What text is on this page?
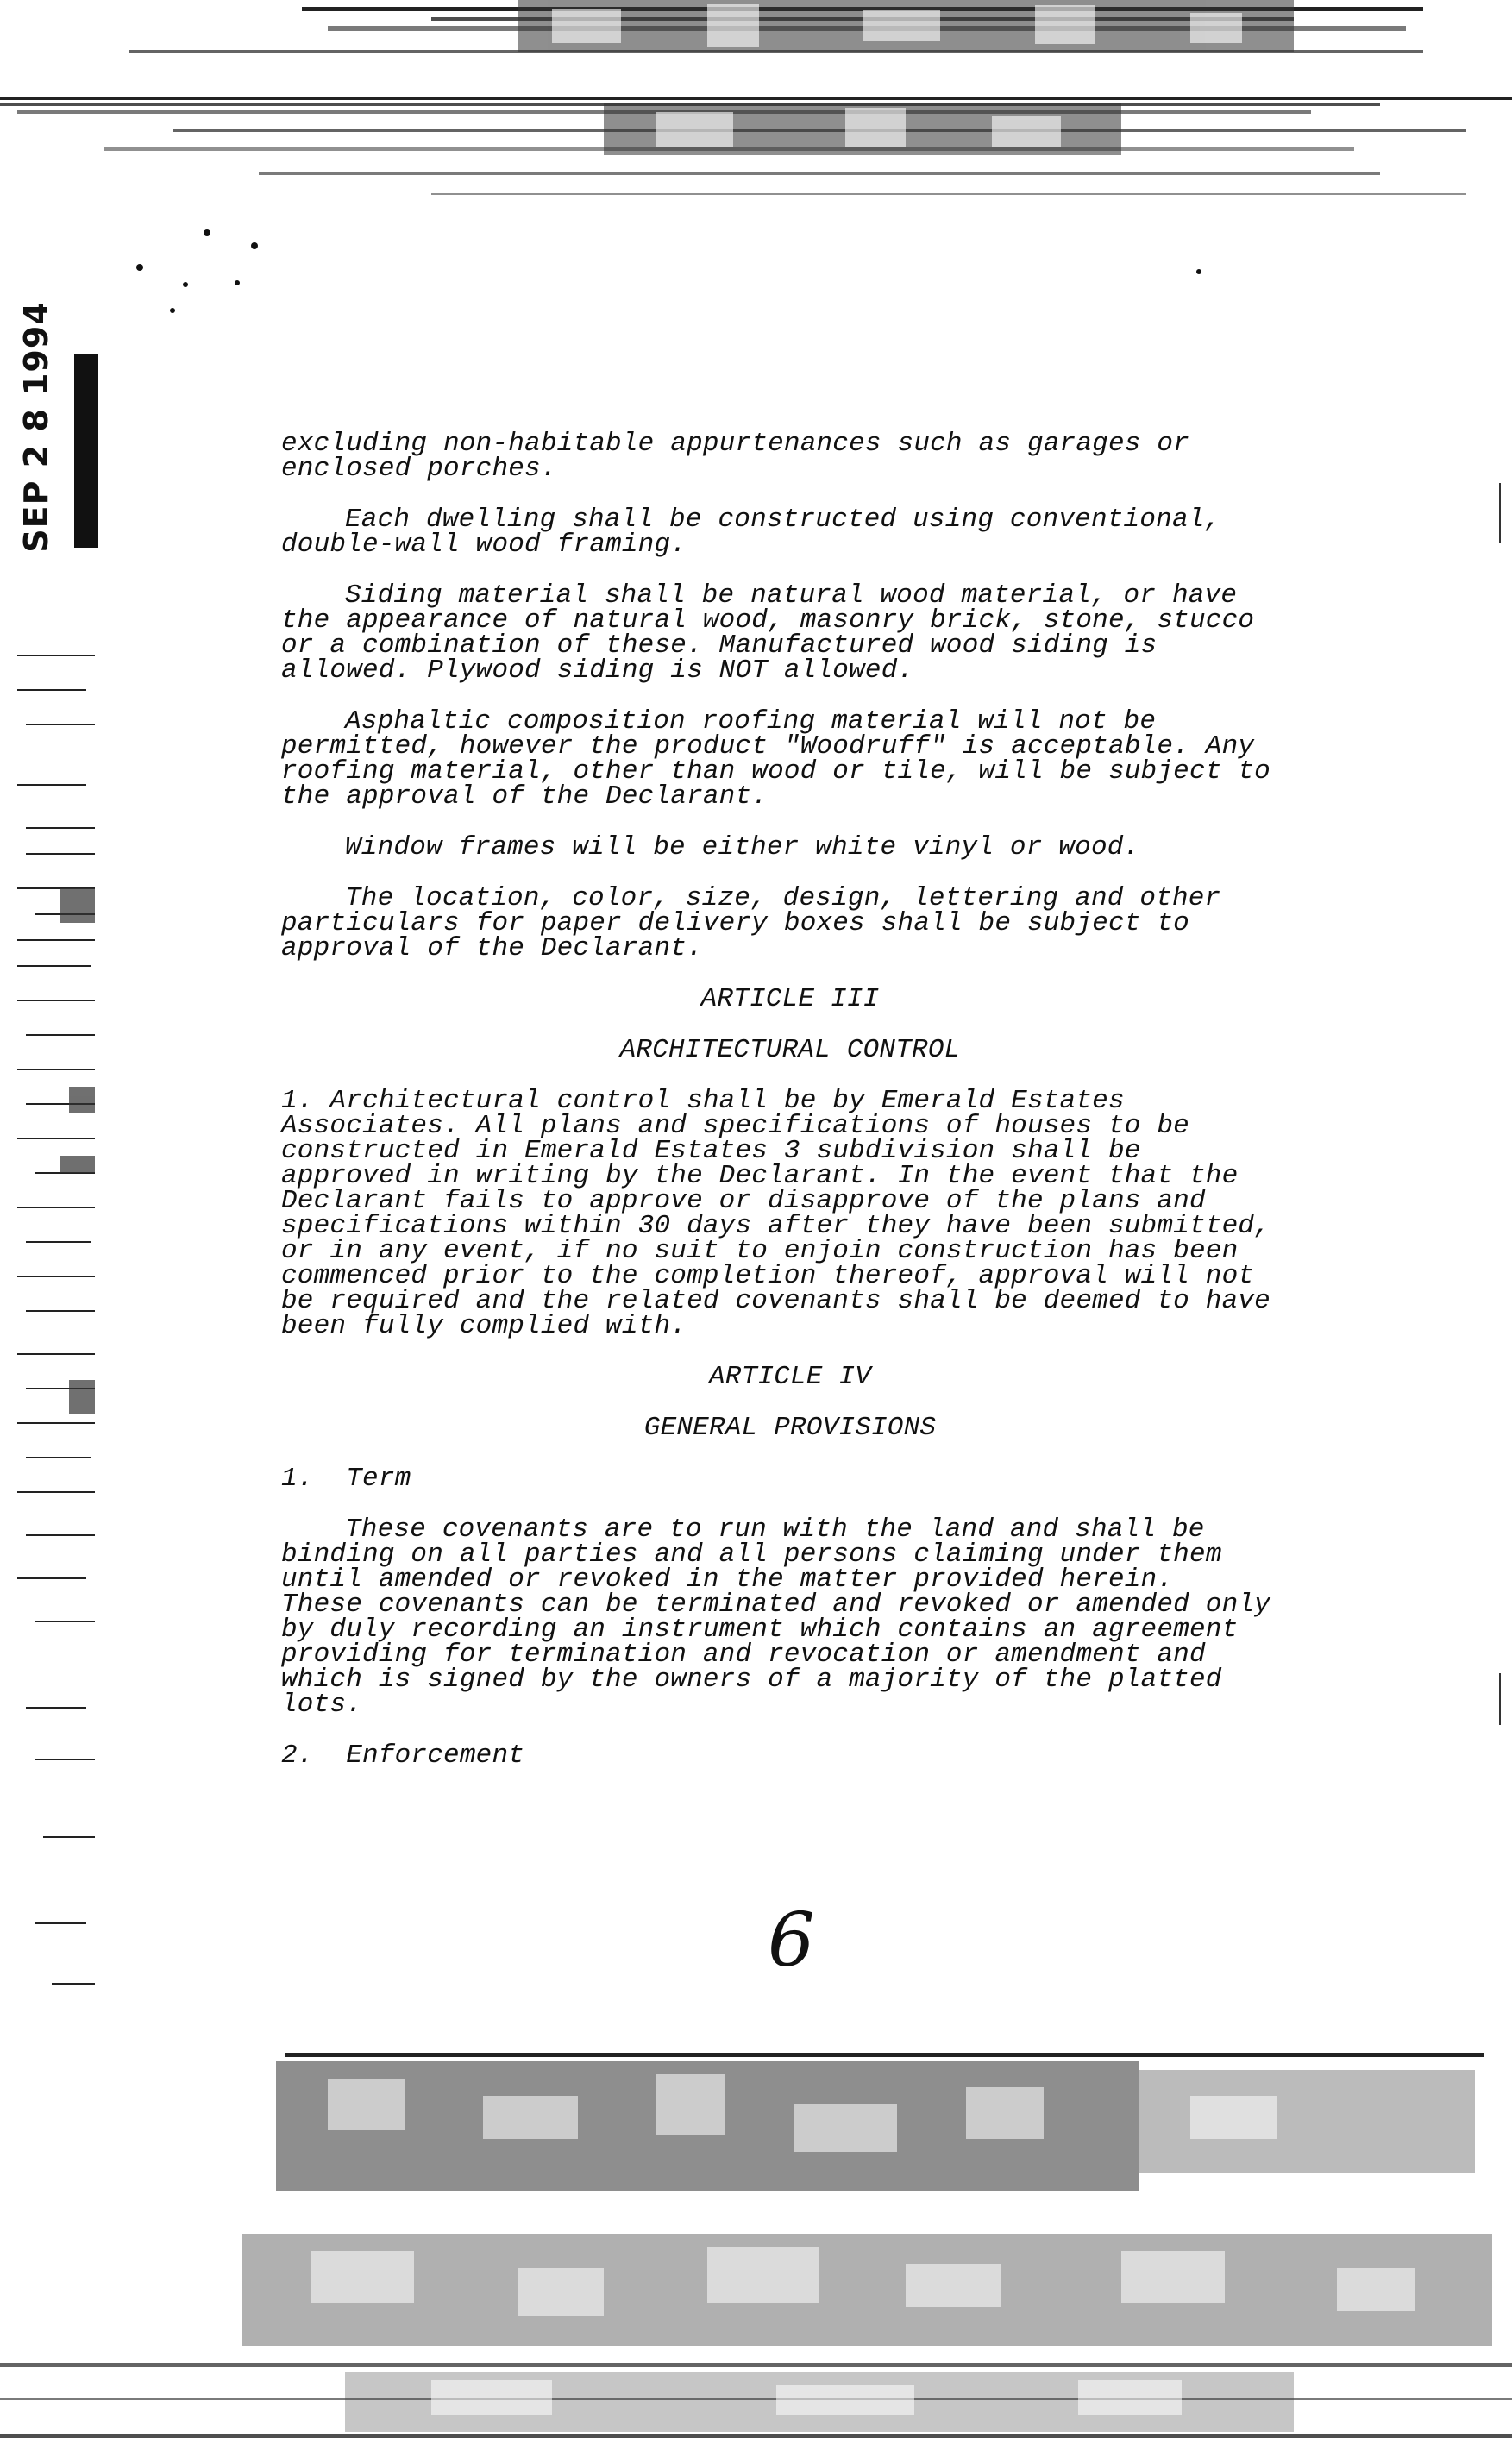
SEP 2 8 1994	excluding non-habitable appurtenances such as garages or
enclosed porches.

Each dwelling shall be constructed using conventional,
double-wall wood framing.

Siding material shall be natural wood material, or have
the appearance of natural wood, masonry brick, stone, stucco
or a combination of these. Manufactured wood siding is
allowed. Plywood siding is NOT allowed.

Asphaltic composition roofing material will not be
permitted, however the product "Woodruff" is acceptable. Any
roofing material, other than wood or tile, will be subject to
the approval of the Declarant.

Window frames will be either white vinyl or wood.

The location, color, size, design, lettering and other
particulars for paper delivery boxes shall be subject to
approval of the Declarant.

ARTICLE III
ARCHITECTURAL CONTROL

1. Architectural control shall be by Emerald Estates
Associates. All plans and specifications of houses to be
constructed in Emerald Estates 3 subdivision shall be
approved in writing by the Declarant. In the event that the
Declarant fails to approve or disapprove of the plans and
specifications within 30 days after they have been submitted,
or in any event, if no suit to enjoin construction has been
commenced prior to the completion thereof, approval will not
be required and the related covenants shall be deemed to have
been fully complied with.

ARTICLE IV
GENERAL PROVISIONS

1.  Term

These covenants are to run with the land and shall be
binding on all parties and all persons claiming under them
until amended or revoked in the matter provided herein.
These covenants can be terminated and revoked or amended only
by duly recording an instrument which contains an agreement
providing for termination and revocation or amendment and
which is signed by the owners of a majority of the platted
lots.

2.  Enforcement

6
